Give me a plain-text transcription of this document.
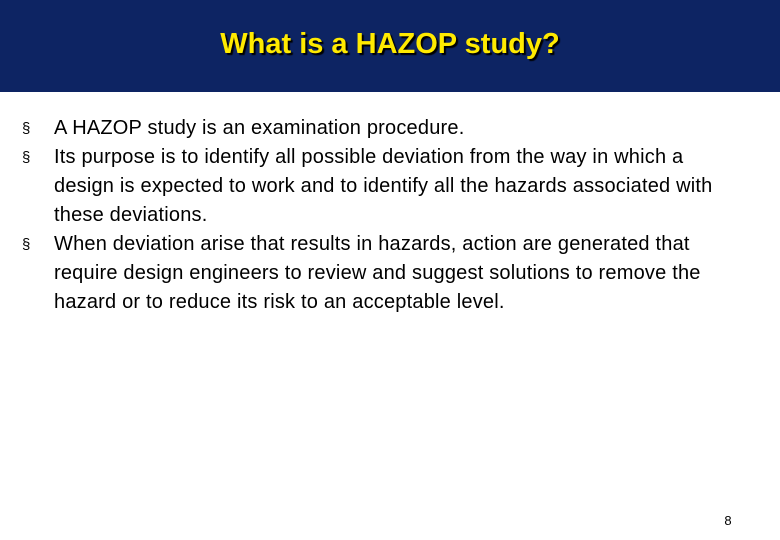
What is a HAZOP study?
§	A HAZOP study is an examination procedure.
§	Its purpose is to identify all possible deviation from the way in which a design is expected to work and to identify all the hazards associated with these deviations.
§	When deviation arise that results in hazards, action are generated that require design engineers to review and suggest solutions to remove the hazard or to reduce its risk to an acceptable level.
8
